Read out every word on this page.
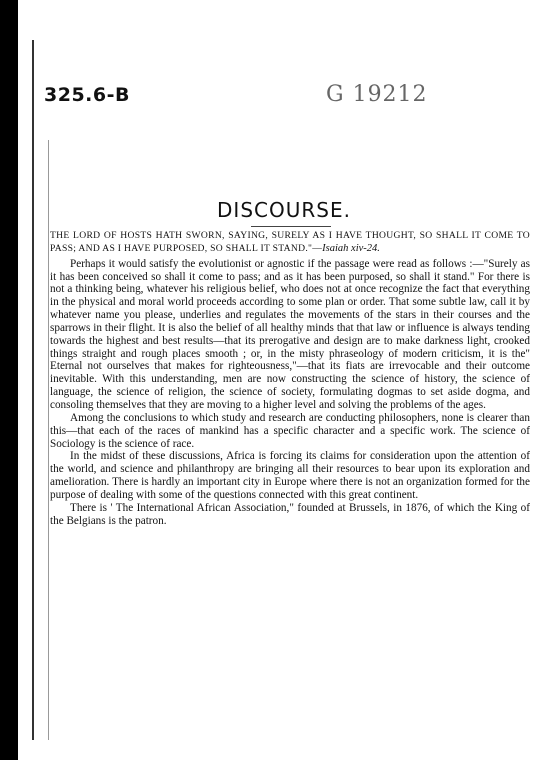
325.6-B	G 19212
DISCOURSE.

THE LORD OF HOSTS HATH SWORN, SAYING, SURELY AS I HAVE THOUGHT, SO SHALL IT COME TO PASS; AND AS I HAVE PURPOSED, SO SHALL IT STAND."—Isaiah xiv-24.

Perhaps it would satisfy the evolutionist or agnostic if the passage were read as follows :—"Surely as it has been conceived so shall it come to pass; and as it has been purposed, so shall it stand." For there is not a thinking being, whatever his religious belief, who does not at once recognize the fact that everything in the physical and moral world proceeds according to some plan or order. That some subtle law, call it by whatever name you please, underlies and regulates the movements of the stars in their courses and the sparrows in their flight. It is also the belief of all healthy minds that that law or influence is always tending towards the highest and best results—that its prerogative and design are to make darkness light, crooked things straight and rough places smooth ; or, in the misty phraseology of modern criticism, it is the" Eternal not ourselves that makes for righteousness,"—that its fiats are irrevocable and their outcome inevitable. With this understanding, men are now constructing the science of history, the science of language, the science of religion, the science of society, formulating dogmas to set aside dogma, and consoling themselves that they are moving to a higher level and solving the problems of the ages.

Among the conclusions to which study and research are conducting philosophers, none is clearer than this—that each of the races of mankind has a specific character and a specific work. The science of Sociology is the science of race.

In the midst of these discussions, Africa is forcing its claims for consideration upon the attention of the world, and science and philanthropy are bringing all their resources to bear upon its exploration and amelioration. There is hardly an important city in Europe where there is not an organization formed for the purpose of dealing with some of the questions connected with this great continent.

There is ' The International African Association," founded at Brussels, in 1876, of which the King of the Belgians is the patron.
